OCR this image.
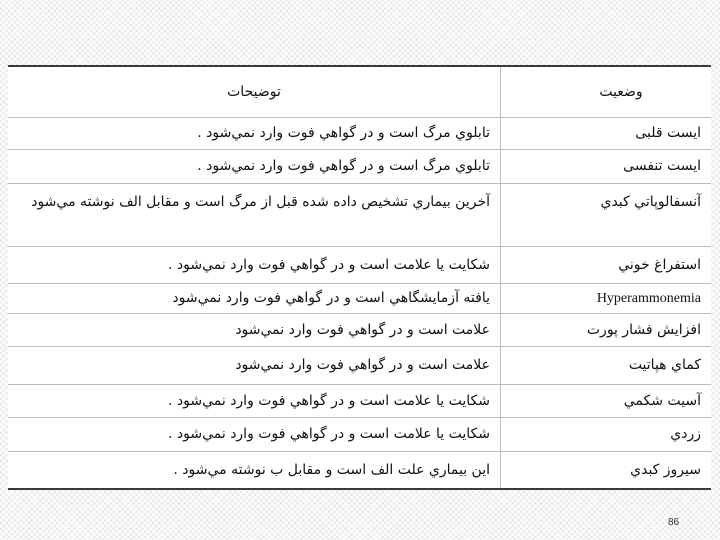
وضعيت	توضيحات
ايست قلبی	تابلوي مرگ است و در گواهي فوت وارد نمي‌شود .
ايست تنفسی	تابلوي مرگ است و در گواهي فوت وارد نمي‌شود .
آنسفالوپاتي كبدي	آخرين بيماري تشخيص داده شده قبل از مرگ است و مقابل الف نوشته مي‌شود
استفراغ خوني	شكايت يا علامت است و در گواهي فوت وارد نمي‌شود .
Hyperammonemia	يافته آزمايشگاهي است و در گواهي فوت وارد نمي‌شود
افزايش فشار پورت	علامت است و در گواهي فوت وارد نمي‌شود
كماي هپاتيت	علامت است و در گواهي فوت وارد نمي‌شود
آسيت شكمي	شكايت يا علامت است و در گواهي فوت وارد نمي‌شود .
زردي	شكايت يا علامت است و در گواهي فوت وارد نمي‌شود .
سيروز كبدي	اين بيماري علت الف است و مقابل ب نوشته مي‌شود .
86
